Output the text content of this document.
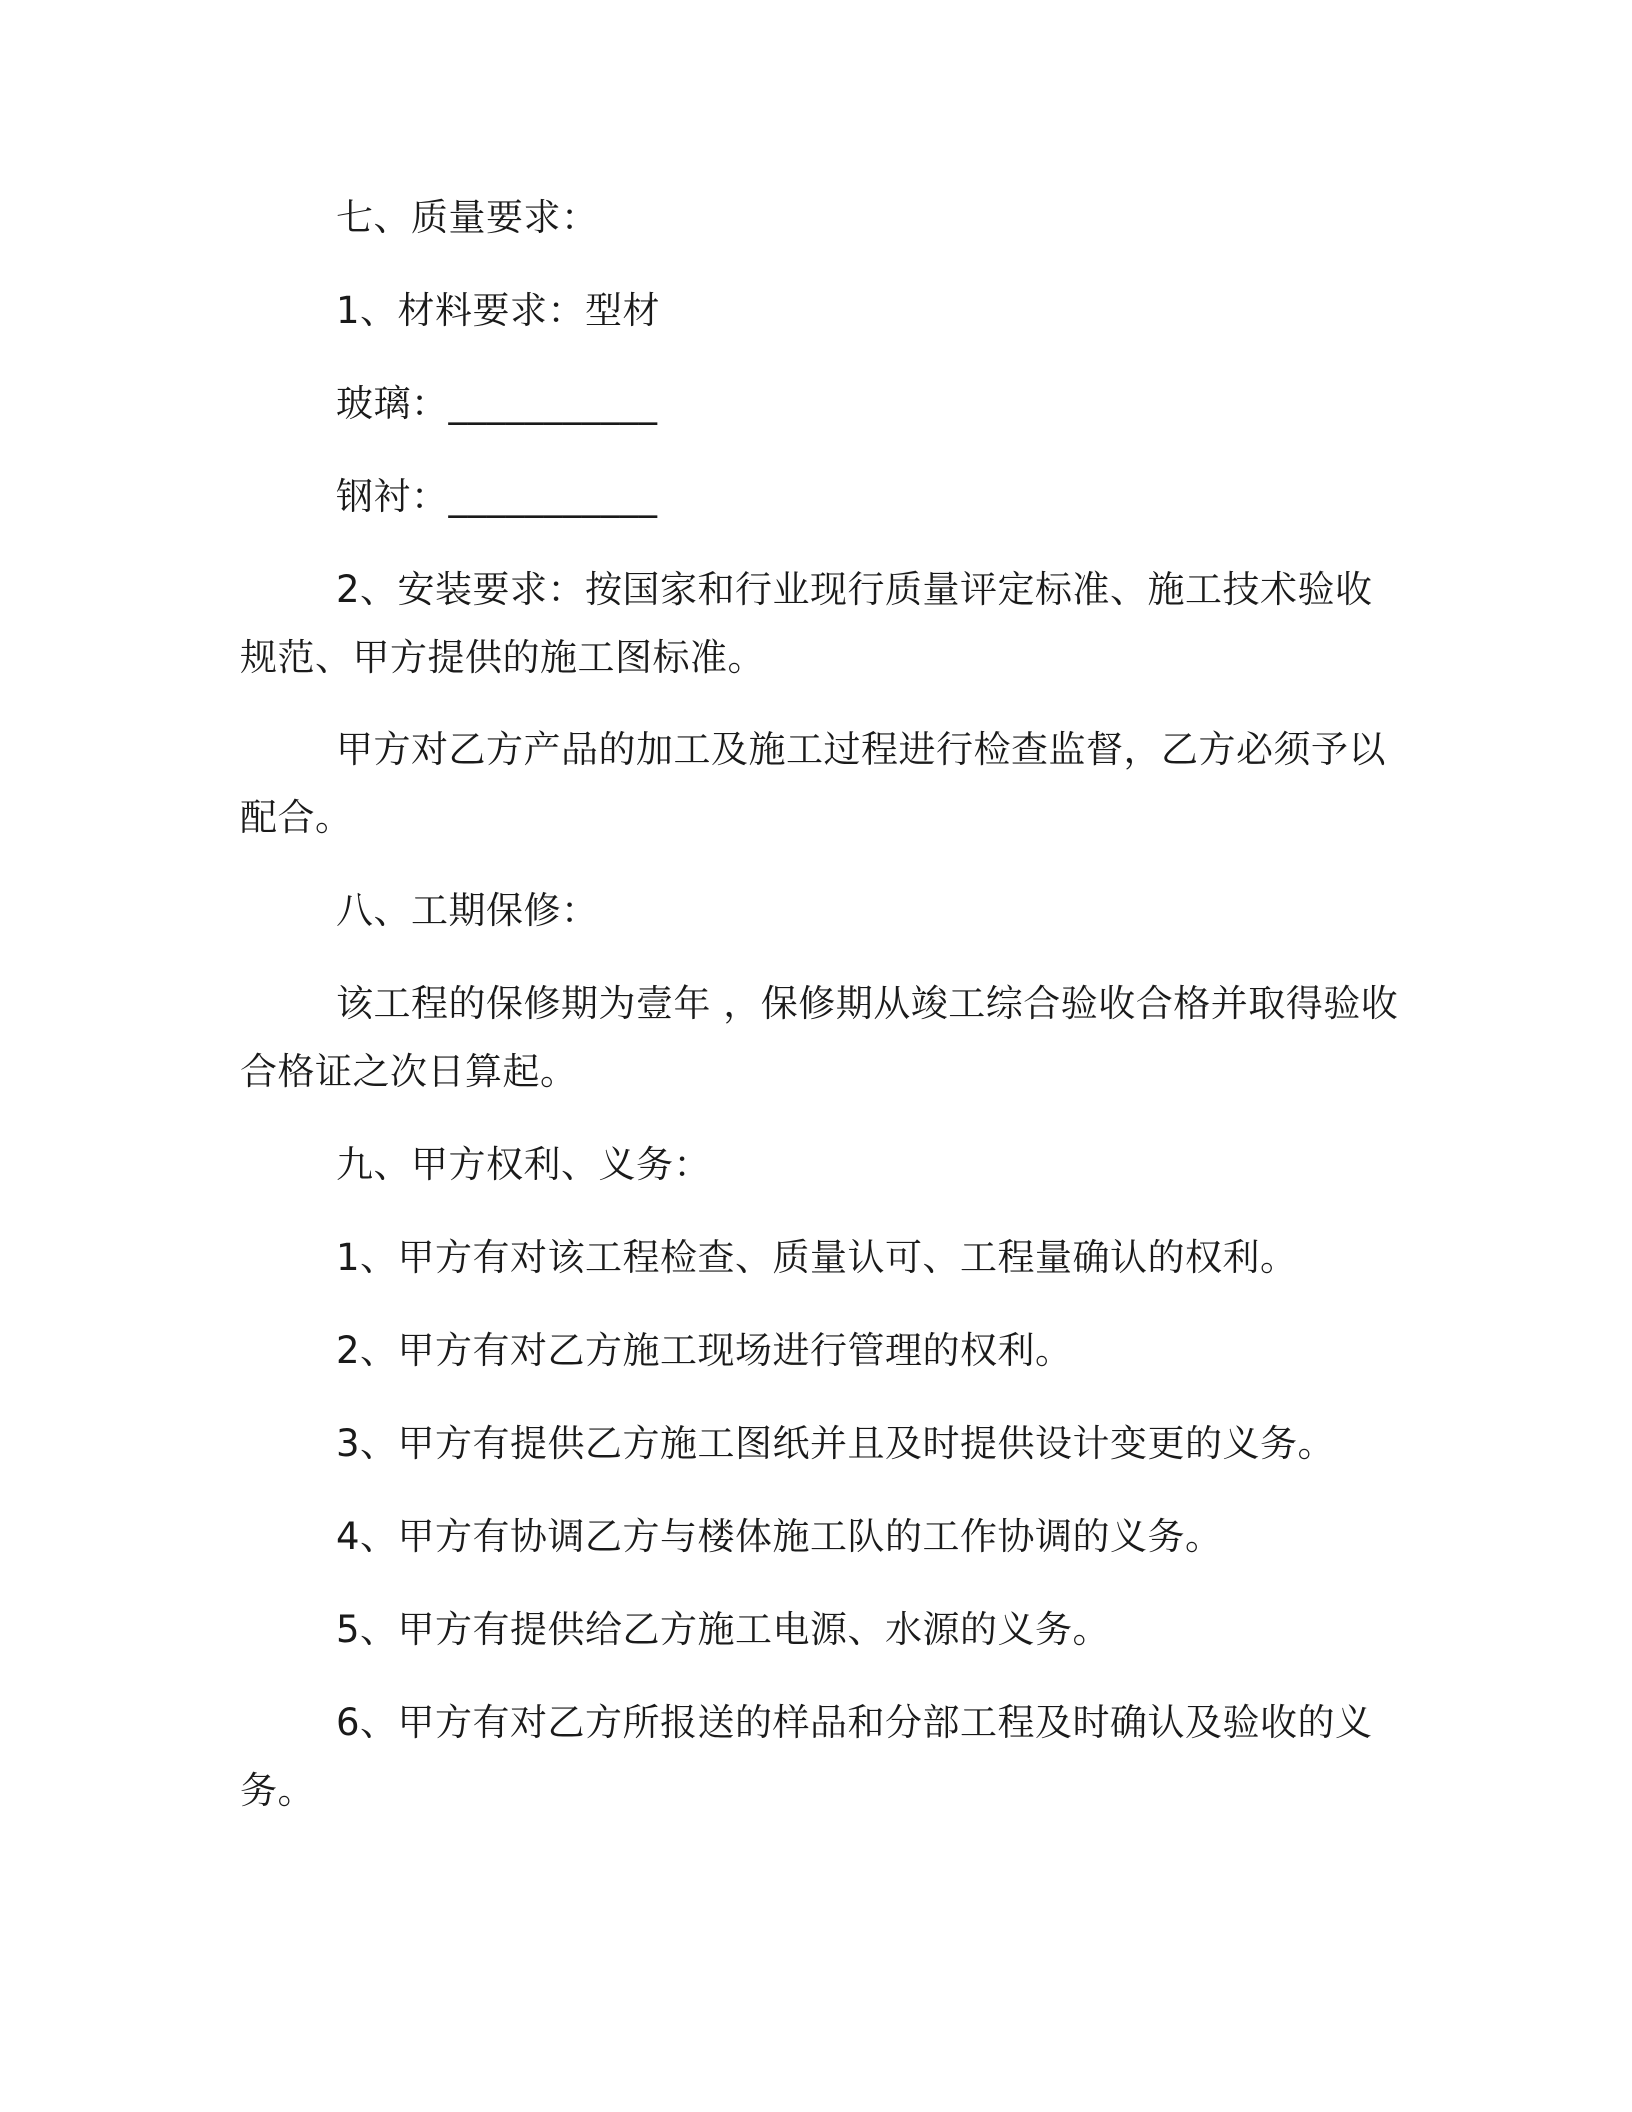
七、质量要求：
1、材料要求：型材
玻璃：___________
钢衬：___________
2、安装要求：按国家和行业现行质量评定标准、施工技术验收
规范、甲方提供的施工图标准。
甲方对乙方产品的加工及施工过程进行检查监督，乙方必须予以
配合。
八、工期保修：
该工程的保修期为壹年 ，保修期从竣工综合验收合格并取得验收
合格证之次日算起。
九、甲方权利、义务：
1、甲方有对该工程检查、质量认可、工程量确认的权利。
2、甲方有对乙方施工现场进行管理的权利。
3、甲方有提供乙方施工图纸并且及时提供设计变更的义务。
4、甲方有协调乙方与楼体施工队的工作协调的义务。
5、甲方有提供给乙方施工电源、水源的义务。
6、甲方有对乙方所报送的样品和分部工程及时确认及验收的义
务。
